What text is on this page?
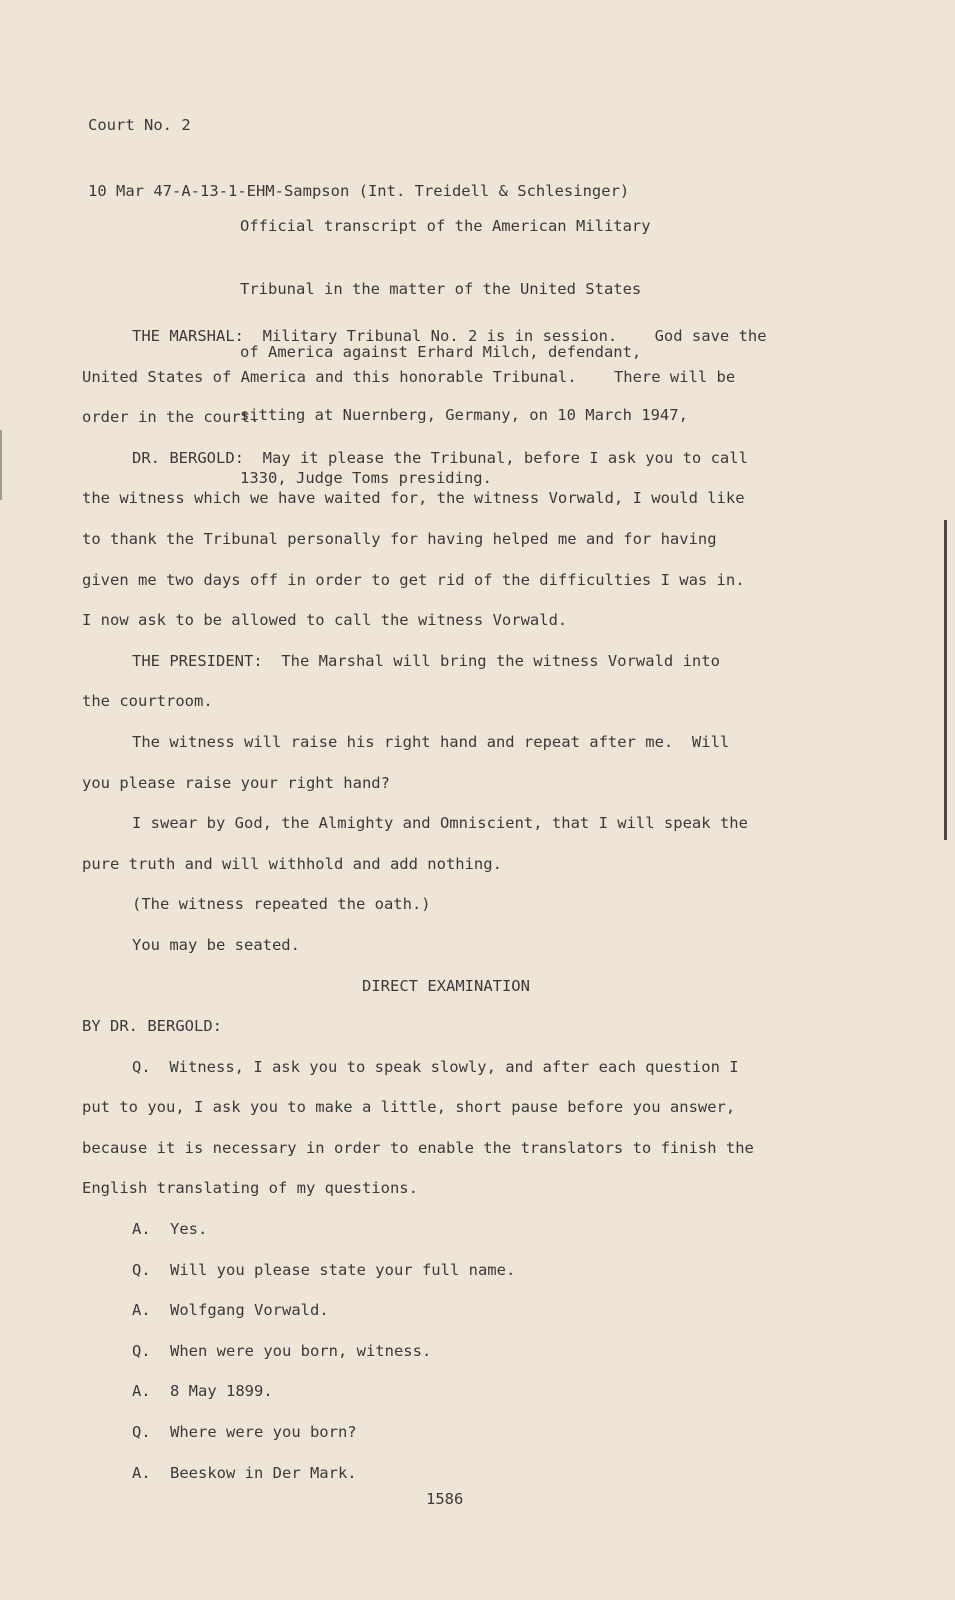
Court No. 2

10 Mar 47-A-13-1-EHM-Sampson (Int. Treidell & Schlesinger)

Official transcript of the American Military

Tribunal in the matter of the United States

of America against Erhard Milch, defendant,

sitting at Nuernberg, Germany, on 10 March 1947,

1330, Judge Toms presiding.

THE MARSHAL:  Military Tribunal No. 2 is in session.    God save the
United States of America and this honorable Tribunal.    There will be
order in the court.
DR. BERGOLD:  May it please the Tribunal, before I ask you to call
the witness which we have waited for, the witness Vorwald, I would like
to thank the Tribunal personally for having helped me and for having
given me two days off in order to get rid of the difficulties I was in.
I now ask to be allowed to call the witness Vorwald.
THE PRESIDENT:  The Marshal will bring the witness Vorwald into
the courtroom.
The witness will raise his right hand and repeat after me.  Will
you please raise your right hand?
I swear by God, the Almighty and Omniscient, that I will speak the
pure truth and will withhold and add nothing.
(The witness repeated the oath.)
You may be seated.
DIRECT EXAMINATION
BY DR. BERGOLD:
Q.  Witness, I ask you to speak slowly, and after each question I
put to you, I ask you to make a little, short pause before you answer,
because it is necessary in order to enable the translators to finish the
English translating of my questions.
A. Yes.
Q. Will you please state your full name.
A. Wolfgang Vorwald.
Q. When were you born, witness.
A. 8 May 1899.
Q. Where were you born?
A. Beeskow in Der Mark.
1586
